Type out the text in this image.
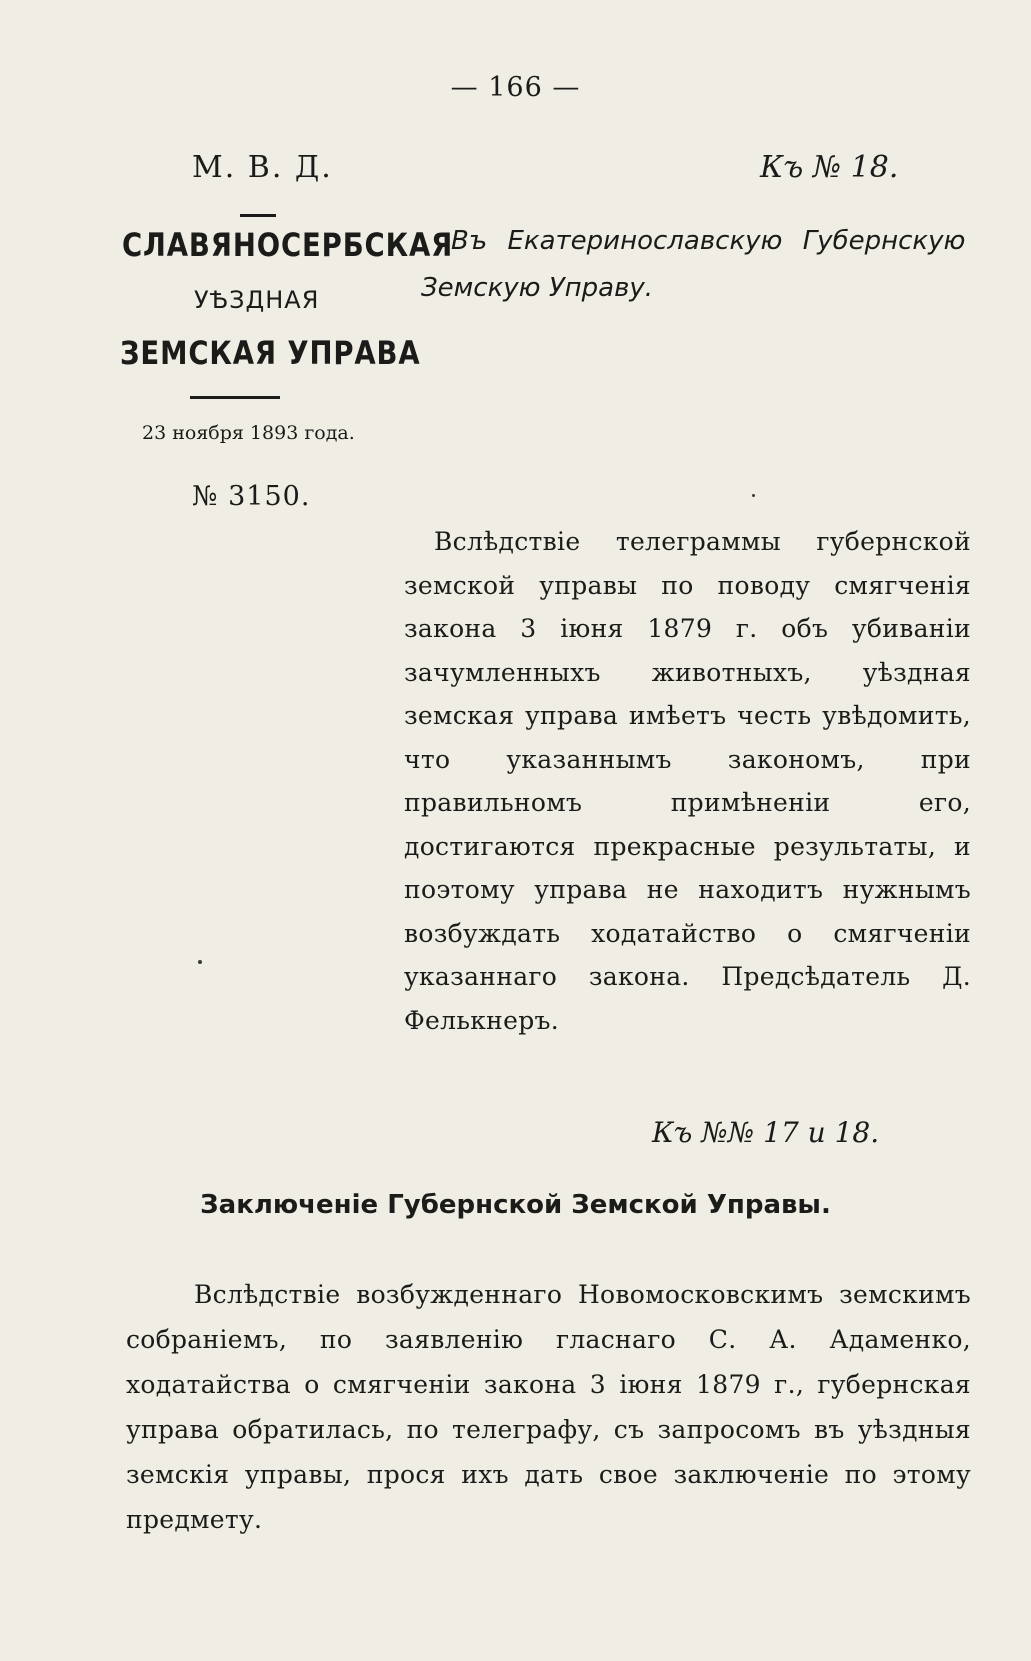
— 166 —
М. В. Д.
СЛАВЯНОСЕРБСКАЯ
УѢЗДНАЯ
ЗЕМСКАЯ УПРАВА
23 ноября 1893 года.
№ 3150.
Къ № 18.
Въ Екатеринославскую Губернскую
Земскую Управу.
Вслѣдствіе телеграммы губернской земской управы по поводу смягченія закона 3 іюня 1879 г. объ убиваніи зачумленныхъ животныхъ, уѣздная земская управа имѣетъ честь увѣдомить, что указаннымъ закономъ, при правильномъ примѣненіи его, достигаются прекрасные результаты, и поэтому управа не находитъ нужнымъ возбуждать ходатайство о смягченіи указаннаго закона. Предсѣдатель Д. Фелькнеръ.
Къ №№ 17 и 18.
Заключеніе Губернской Земской Управы.
Вслѣдствіе возбужденнаго Новомосковскимъ земскимъ собраніемъ, по заявленію гласнаго С. А. Адаменко, ходатайства о смягченіи закона 3 іюня 1879 г., губернская управа обратилась, по телеграфу, съ запросомъ въ уѣздныя земскія управы, прося ихъ дать свое заключеніе по этому предмету.
